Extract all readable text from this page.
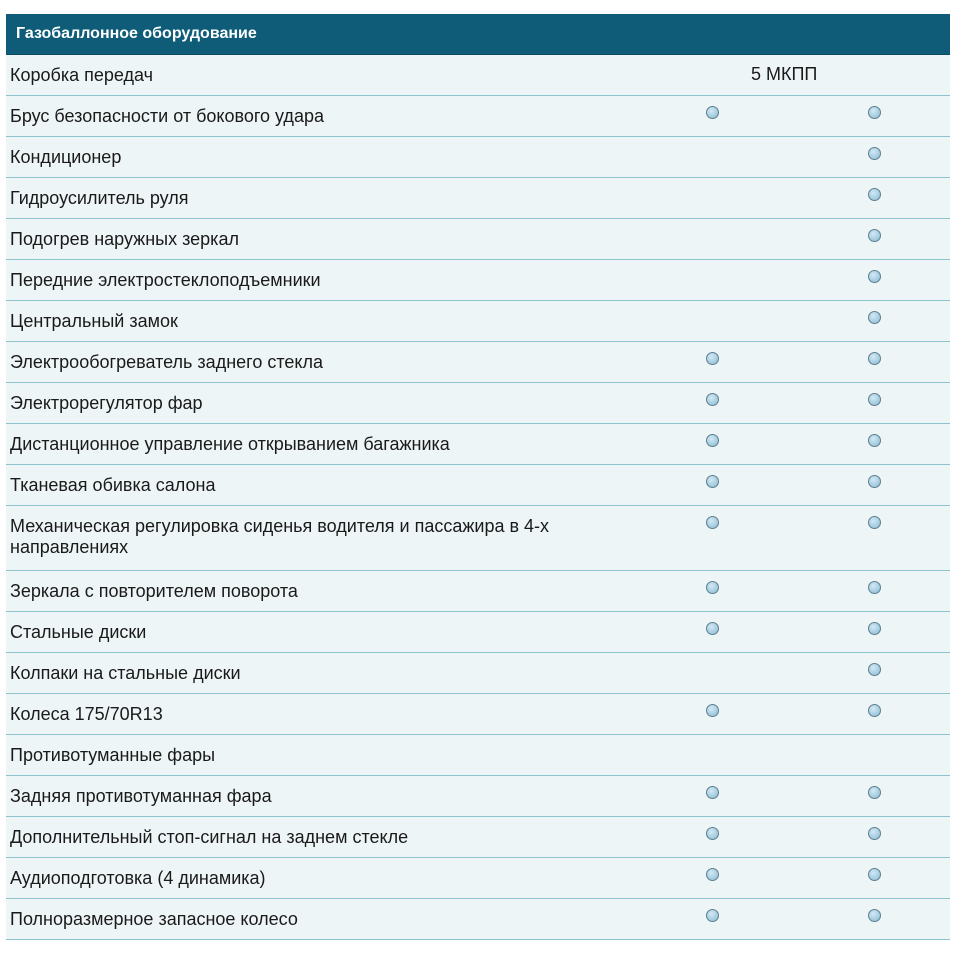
Газобаллонное оборудование
Коробка передач	5 МКПП
Брус безопасности от бокового удара
Кондиционер
Гидроусилитель руля
Подогрев наружных зеркал
Передние электростеклоподъемники
Центральный замок
Электрообогреватель заднего стекла
Электрорегулятор фар
Дистанционное управление открыванием багажника
Тканевая обивка салона
Механическая регулировка сиденья водителя и пассажира в 4-х направлениях
Зеркала с повторителем поворота
Стальные диски
Колпаки на стальные диски
Колеса 175/70R13
Противотуманные фары
Задняя противотуманная фара
Дополнительный стоп-сигнал на заднем стекле
Аудиоподготовка (4 динамика)
Полноразмерное запасное колесо
